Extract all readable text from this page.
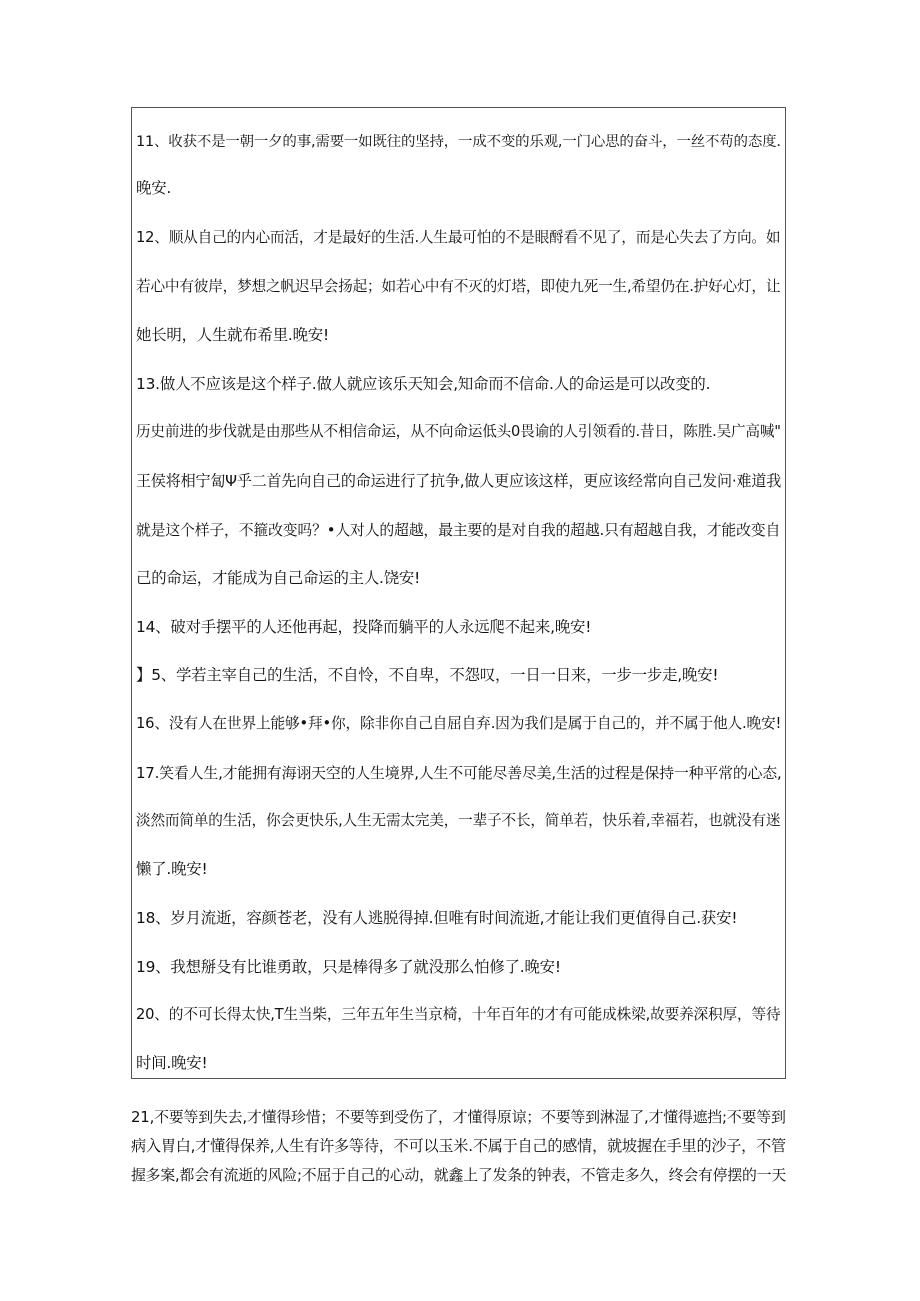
11、收获不是一朝一夕的事,需要一如既往的坚持，一成不变的乐观,一门心思的奋斗，一丝不苟的态度.
晚安.
12、顺从自己的内心而活，才是最好的生活.人生最可怕的不是眼酹看不见了，而是心失去了方向。如
若心中有彼岸，梦想之帆迟早会扬起；如若心中有不灭的灯塔，即使九死一生,希望仍在.护好心灯，让
她长明，人生就布希里.晚安!
13.做人不应该是这个样子.做人就应该乐天知会,知命而不信命.人的命运是可以改变的.
历史前进的步伐就是由那些从不相信命运，从不向命运低头0畏谕的人引领看的.昔日，陈胜.吴广高喊"
王侯将相宁匐Ψ乎二首先向自己的命运进行了抗争,做人更应该这样，更应该经常向自己发问·难道我
就是这个样子，不箍改变吗？•人对人的超越，最主要的是对自我的超越.只有超越自我，才能改变自
己的命运，才能成为自己命运的主人.饶安!
14、破对手摆平的人还他再起，投降而躺平的人永远爬不起来,晚安!
】5、学若主宰自己的生活，不自怜，不自卑，不怨叹，一日一日来，一步一步走,晚安!
16、没有人在世界上能够•拜•你，除非你自己自屈自弃.因为我们是属于自己的，并不属于他人.晚安!
17.笑看人生,才能拥有海诩天空的人生境界,人生不可能尽善尽美,生活的过程是保持一种平常的心态,
淡然而简单的生活，你会更快乐,人生无需太完美，一辈子不长，简单若，快乐着,幸福若，也就没有迷
懒了.晚安!
18、岁月流逝，容颜苍老，没有人逃脱得掉.但唯有时间流逝,才能让我们更值得自己.获安!
19、我想掰殳有比谁勇敢，只是棒得多了就没那么怕修了.晚安!
20、的不可长得太快,T生当柴，三年五年生当京椅，十年百年的才有可能成株梁,故要养深积厚，等待
时间.晚安!
21,不要等到失去,才懂得珍惜；不要等到受伤了，才懂得原谅；不要等到淋湿了,才懂得遮挡;不要等到
病入胃白,才懂得保养,人生有许多等待，不可以玉米.不属于自己的感情，就坡握在手里的沙子，不管
握多案,都会有流逝的风险;不屈于自己的心动，就鑫上了发条的钟表，不管走多久，终会有停摆的一天
